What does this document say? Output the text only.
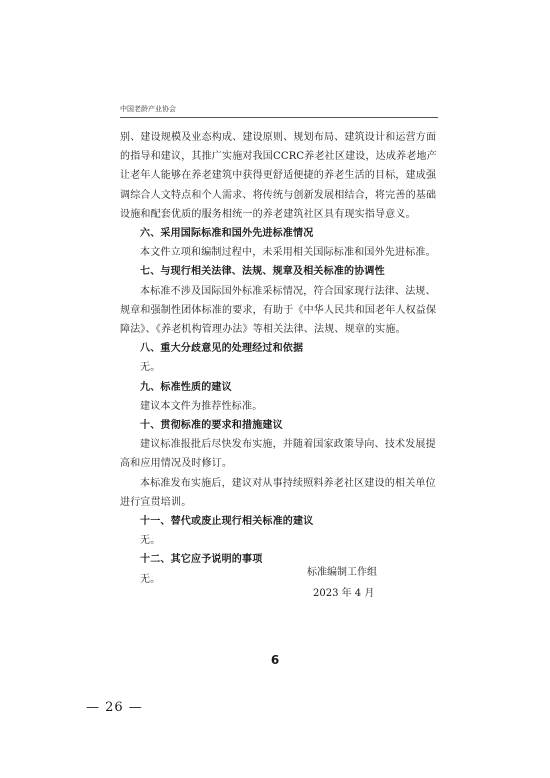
中国老龄产业协会

别、建设规模及业态构成、建设原则、规划布局、建筑设计和运营方面的指导和建议，其推广实施对我国CCRC养老社区建设，达成养老地产让老年人能够在养老建筑中获得更舒适便捷的养老生活的目标，建成强调综合人文特点和个人需求、将传统与创新发展相结合，将完善的基础设施和配套优质的服务相统一的养老建筑社区具有现实指导意义。

六、采用国际标准和国外先进标准情况

本文件立项和编制过程中，未采用相关国际标准和国外先进标准。

七、与现行相关法律、法规、规章及相关标准的协调性

本标准不涉及国际国外标准采标情况，符合国家现行法律、法规、规章和强制性团体标准的要求，有助于《中华人民共和国老年人权益保障法》、《养老机构管理办法》等相关法律、法规、规章的实施。

八、重大分歧意见的处理经过和依据

无。

九、标准性质的建议

建议本文件为推荐性标准。

十、贯彻标准的要求和措施建议

建议标准报批后尽快发布实施，并随着国家政策导向、技术发展提高和应用情况及时修订。

本标准发布实施后，建议对从事持续照料养老社区建设的相关单位进行宣贯培训。

十一、替代或废止现行相关标准的建议

无。

十二、其它应予说明的事项

无。

标准编制工作组
2023 年 4 月
6
— 26 —
